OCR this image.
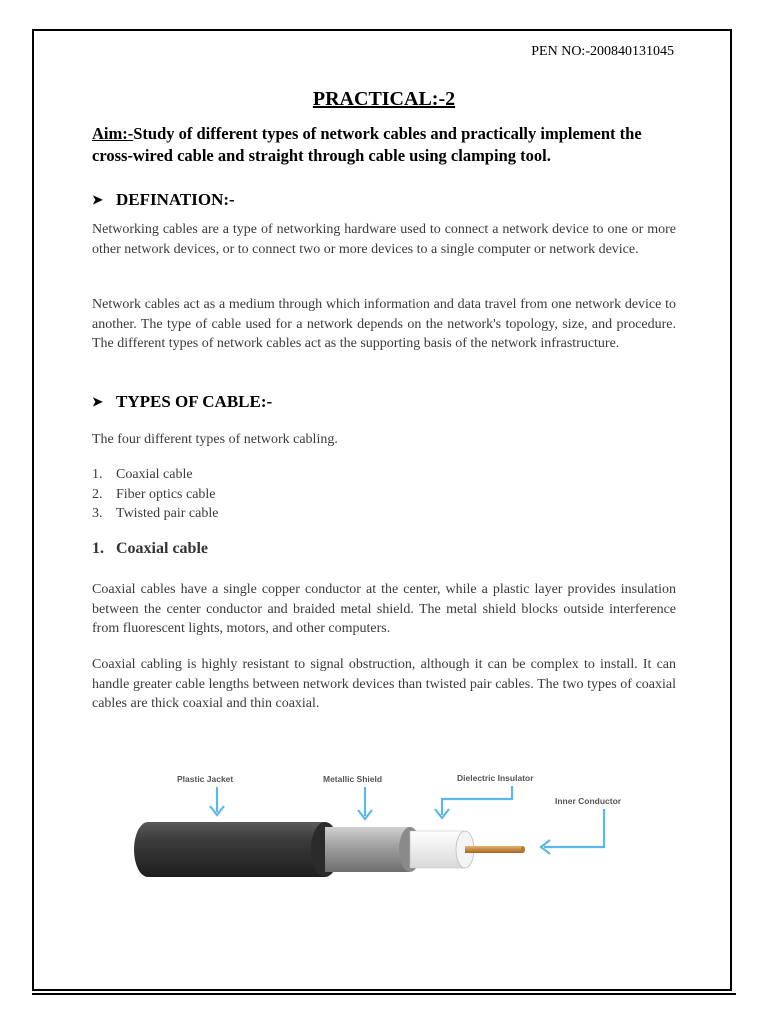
PEN NO:-200840131045
PRACTICAL:-2
Aim:-Study of different types of network cables and practically implement the cross-wired cable and straight through cable using clamping tool.
➤ DEFINATION:-
Networking cables are a type of networking hardware used to connect a network device to one or more other network devices, or to connect two or more devices to a single computer or network device.
Network cables act as a medium through which information and data travel from one network device to another. The type of cable used for a network depends on the network's topology, size, and procedure. The different types of network cables act as the supporting basis of the network infrastructure.
➤ TYPES OF CABLE:-
The four different types of network cabling.
1. Coaxial cable
2. Fiber optics cable
3. Twisted pair cable
1. Coaxial cable
Coaxial cables have a single copper conductor at the center, while a plastic layer provides insulation between the center conductor and braided metal shield. The metal shield blocks outside interference from fluorescent lights, motors, and other computers.
Coaxial cabling is highly resistant to signal obstruction, although it can be complex to install. It can handle greater cable lengths between network devices than twisted pair cables. The two types of coaxial cables are thick coaxial and thin coaxial.
Plastic Jacket	Metallic Shield	Dielectric Insulator
Inner Conductor
